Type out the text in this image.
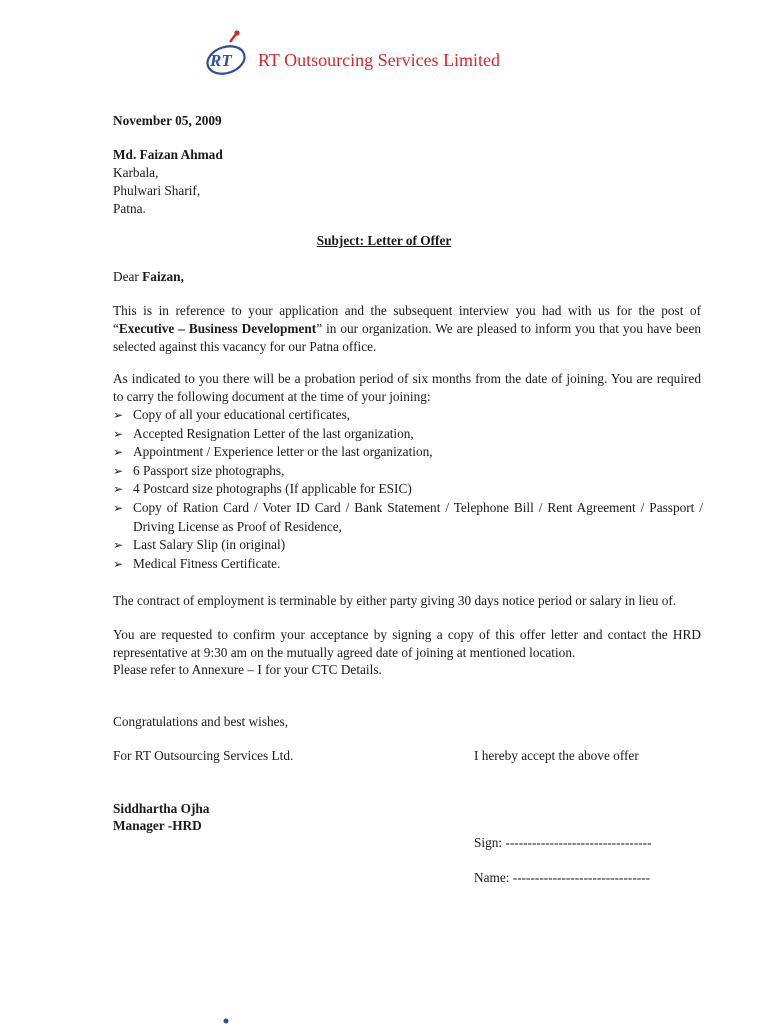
RT RT Outsourcing Services Limited
November 05, 2009
Md. Faizan Ahmad
Karbala,
Phulwari Sharif,
Patna.
Subject: Letter of Offer
Dear Faizan,
This is in reference to your application and the subsequent interview you had with us for the post of “Executive – Business Development” in our organization. We are pleased to inform you that you have been selected against this vacancy for our Patna office.
As indicated to you there will be a probation period of six months from the date of joining. You are required to carry the following document at the time of your joining:
➢ Copy of all your educational certificates,
➢ Accepted Resignation Letter of the last organization,
➢ Appointment / Experience letter or the last organization,
➢ 6 Passport size photographs,
➢ 4 Postcard size photographs (If applicable for ESIC)
➢ Copy of Ration Card / Voter ID Card / Bank Statement / Telephone Bill / Rent Agreement / Passport / Driving License as Proof of Residence,
➢ Last Salary Slip (in original)
➢ Medical Fitness Certificate.
The contract of employment is terminable by either party giving 30 days notice period or salary in lieu of.
You are requested to confirm your acceptance by signing a copy of this offer letter and contact the HRD representative at 9:30 am on the mutually agreed date of joining at mentioned location.
Please refer to Annexure – I for your CTC Details.
Congratulations and best wishes,
For RT Outsourcing Services Ltd.	I hereby accept the above offer
Siddhartha Ojha
Manager -HRD
Sign: ---------------------------------
Name: -------------------------------
